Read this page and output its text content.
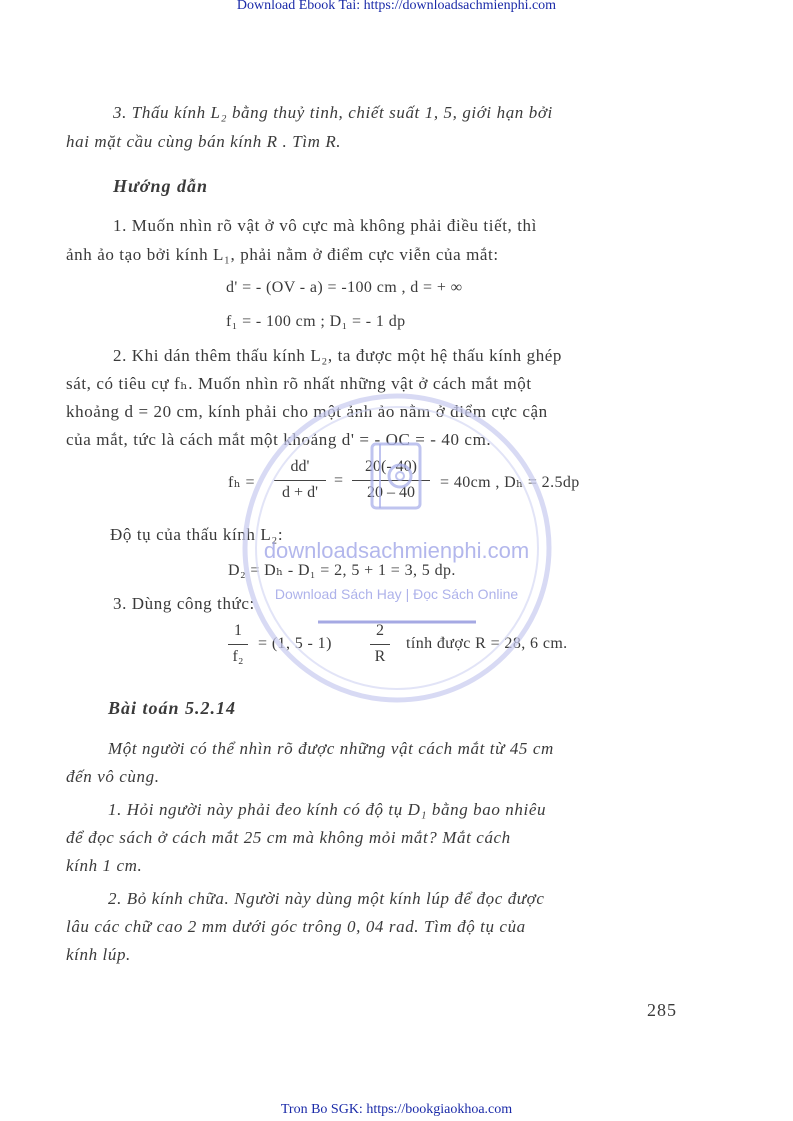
Download Ebook Tai: https://downloadsachmienphi.com
3. Thấu kính L₂ bằng thuỷ tinh, chiết suất 1, 5, giới hạn bởi
hai mặt cầu cùng bán kính R . Tìm R.
Hướng dẫn
1. Muốn nhìn rõ vật ở vô cực mà không phải điều tiết, thì
ảnh ảo tạo bởi kính L₁, phải nằm ở điểm cực viễn của mắt:
d' = - (OV - a) = -100 cm , d = + ∞
f₁ = - 100 cm ; D₁ = - 1 dp
2. Khi dán thêm thấu kính L₂, ta được một hệ thấu kính ghép
sát, có tiêu cự fₕ. Muốn nhìn rõ nhất những vật ở cách mắt một
khoảng d = 20 cm, kính phải cho một ảnh ảo nằm ở điểm cực cận
của mắt, tức là cách mắt một khoảng d' = - OC = - 40 cm.
fₕ =
dd'
d + d'
=
20(- 40)
20 – 40
= 40cm , Dₕ = 2.5dp
Độ tụ của thấu kính L₂:
D₂ = Dₕ - D₁ = 2, 5 + 1 = 3, 5 dp.
3. Dùng công thức:
1
f₂
= (1, 5 - 1)
2
R
tính được R = 28, 6 cm.
Bài toán 5.2.14
Một người có thể nhìn rõ được những vật cách mắt từ 45 cm
đến vô cùng.
1. Hỏi người này phải đeo kính có độ tụ D₁ bằng bao nhiêu
để đọc sách ở cách mắt 25 cm mà không mỏi mắt? Mắt cách
kính 1 cm.
2. Bỏ kính chữa. Người này dùng một kính lúp để đọc được
lâu các chữ cao 2 mm dưới góc trông 0, 04 rad. Tìm độ tụ của
kính lúp.
285
downloadsachmienphi.com
Download Sách Hay | Đọc Sách Online
Tron Bo SGK: https://bookgiaokhoa.com
